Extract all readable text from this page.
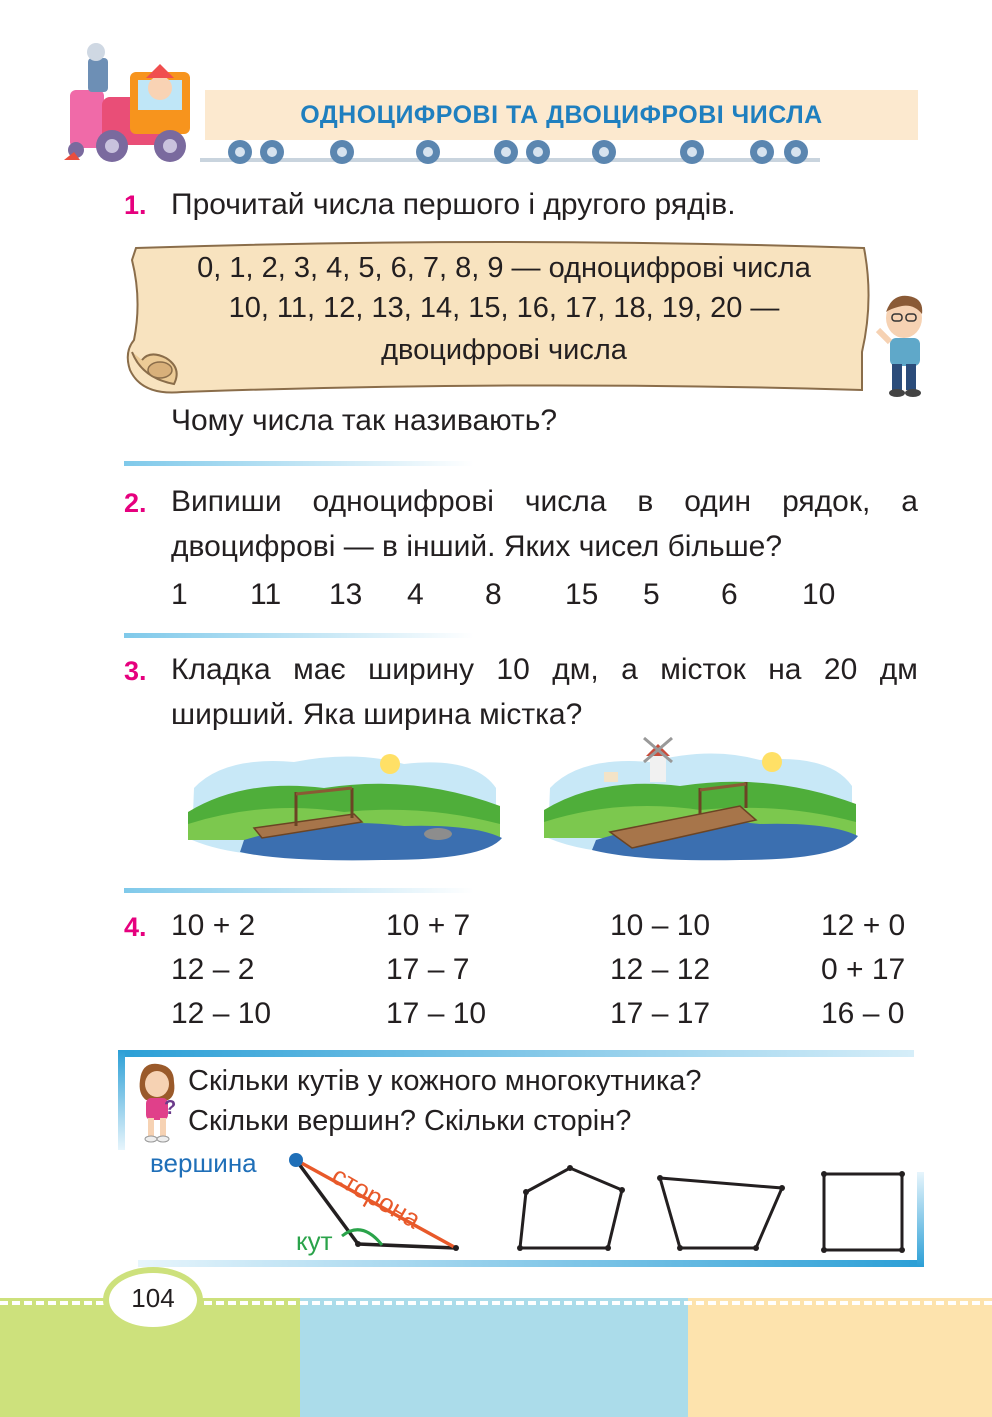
ОДНОЦИФРОВІ ТА ДВОЦИФРОВІ ЧИСЛА
1. Прочитай числа першого і другого рядів.
0, 1, 2, 3, 4, 5, 6, 7, 8, 9 — одноцифрові числа
10, 11, 12, 13, 14, 15, 16, 17, 18, 19, 20 —
двоцифрові числа
Чому числа так називають?
2. Випиши одноцифрові числа в один рядок, а
двоцифрові — в інший. Яких чисел більше?
1 11 13 4 8 15 5 6 10
3. Кладка має ширину 10 дм, а місток на 20 дм
ширший. Яка ширина містка?
4. 10 + 2
12 – 2
12 – 10
10 + 7
17 – 7
17 – 10
10 – 10
12 – 12
17 – 17
12 + 0
0 + 17
16 – 0
?
Скільки кутів у кожного многокутника?
Скільки вершин? Скільки сторін?
вершина	сторона
кут
104
